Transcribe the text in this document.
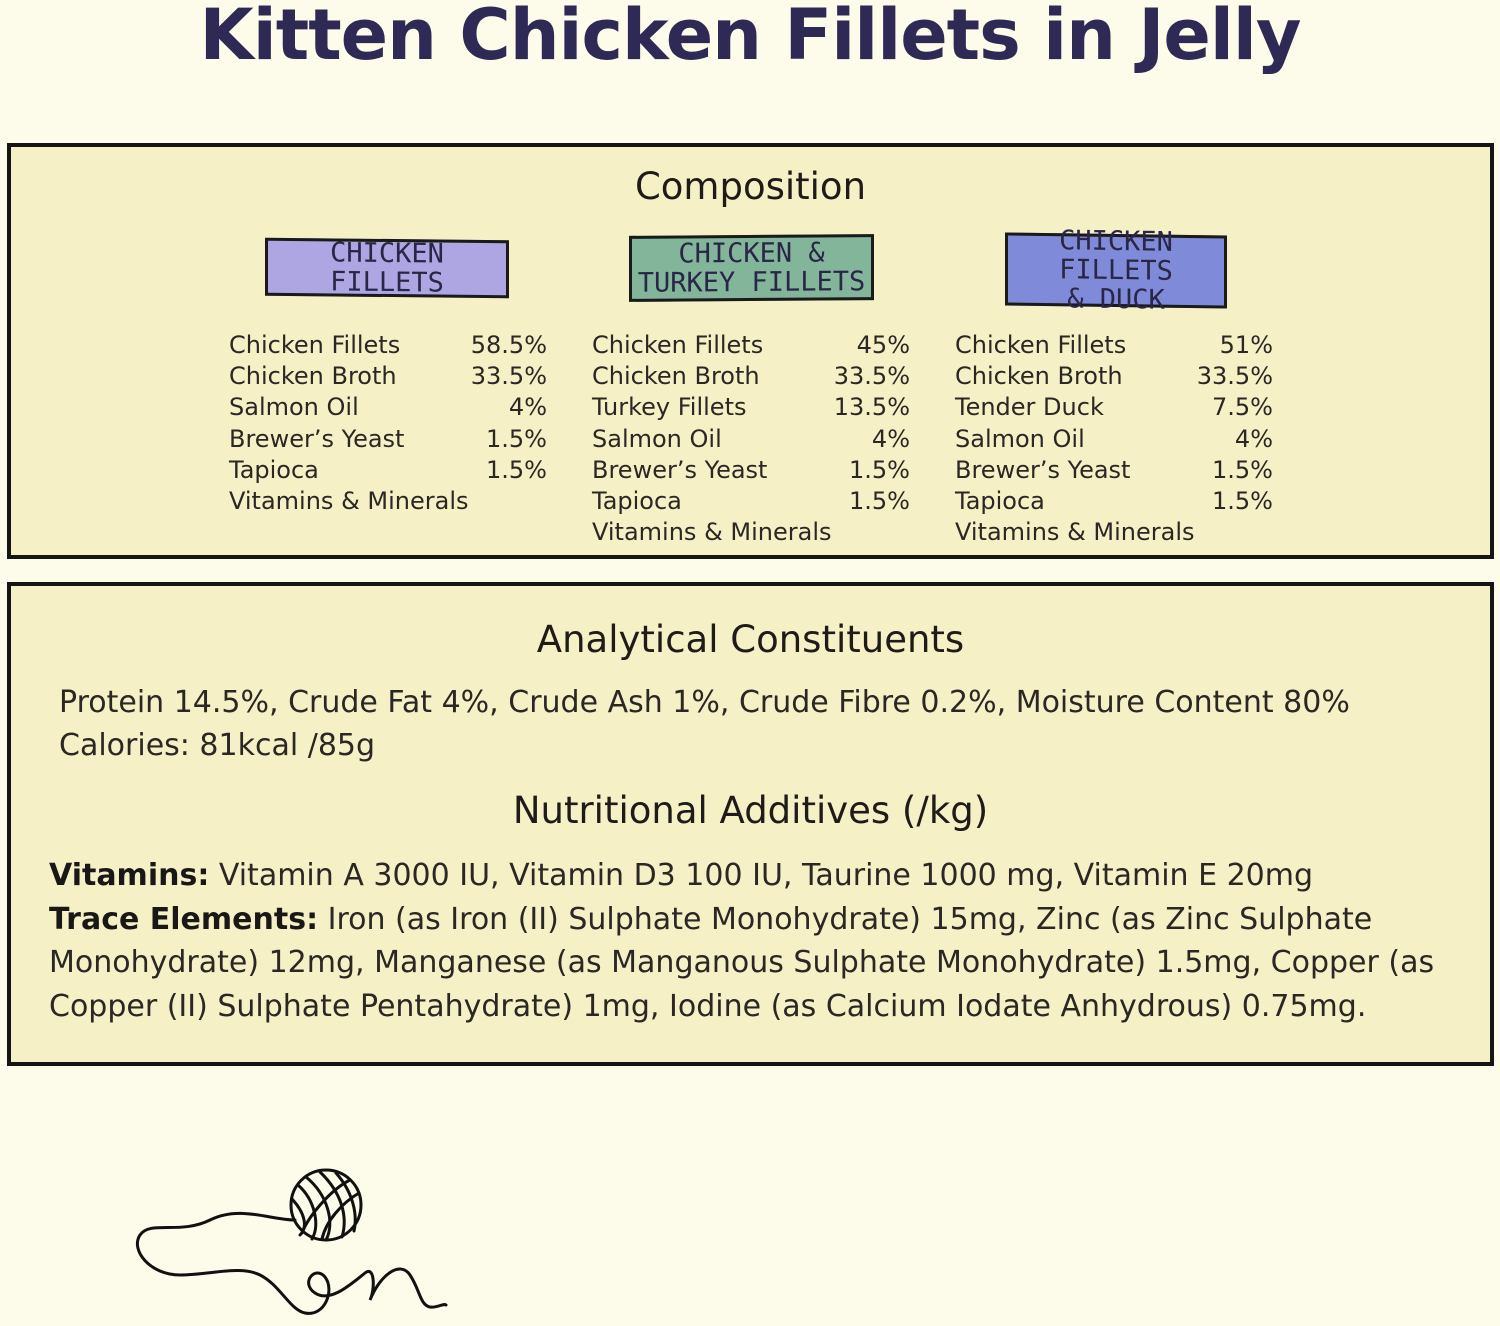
Kitten Chicken Fillets in Jelly
Composition
CHICKEN FILLETS
CHICKEN &
TURKEY FILLETS
CHICKEN FILLETS
& DUCK
Chicken Fillets	58.5%
Chicken Broth	33.5%
Salmon Oil	4%
Brewer’s Yeast	1.5%
Tapioca	1.5%
Vitamins & Minerals
Chicken Fillets	45%
Chicken Broth	33.5%
Turkey Fillets	13.5%
Salmon Oil	4%
Brewer’s Yeast	1.5%
Tapioca	1.5%
Vitamins & Minerals
Chicken Fillets	51%
Chicken Broth	33.5%
Tender Duck	7.5%
Salmon Oil	4%
Brewer’s Yeast	1.5%
Tapioca	1.5%
Vitamins & Minerals
Analytical Constituents

Protein 14.5%, Crude Fat 4%, Crude Ash 1%, Crude Fibre 0.2%, Moisture Content 80%
Calories: 81kcal /85g

Nutritional Additives (/kg)

Vitamins: Vitamin A 3000 IU, Vitamin D3 100 IU, Taurine 1000 mg, Vitamin E 20mg
Trace Elements: Iron (as Iron (II) Sulphate Monohydrate) 15mg, Zinc (as Zinc Sulphate Monohydrate) 12mg, Manganese (as Manganous Sulphate Monohydrate) 1.5mg, Copper (as Copper (II) Sulphate Pentahydrate) 1mg, Iodine (as Calcium Iodate Anhydrous) 0.75mg.
